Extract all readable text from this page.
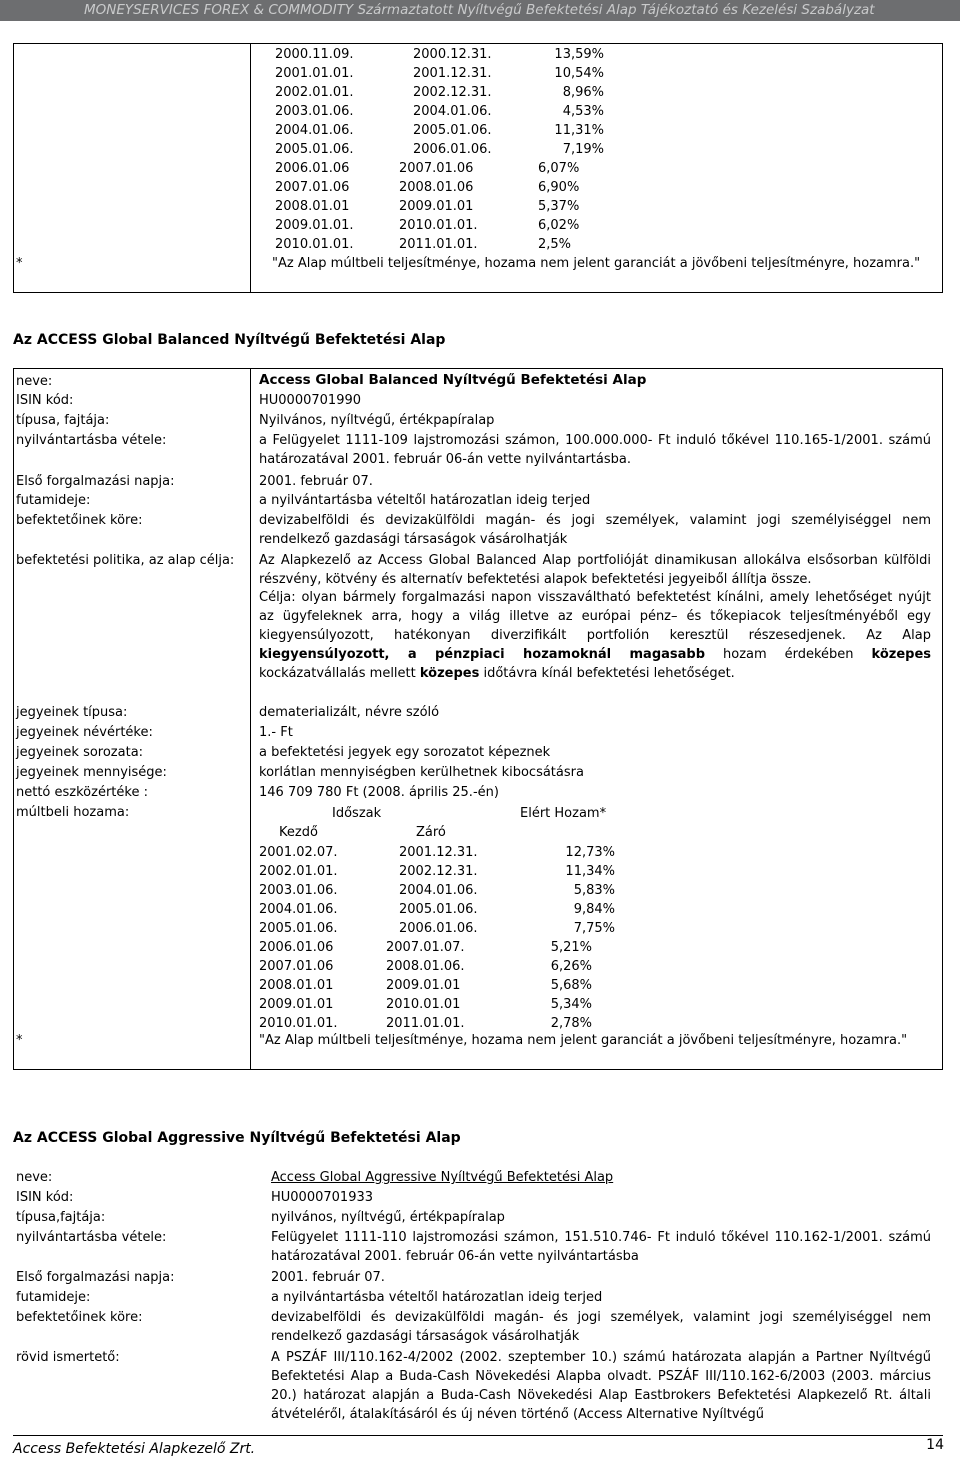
MONEYSERVICES FOREX & COMMODITY Származtatott Nyíltvégű Befektetési Alap Tájékoztató és Kezelési Szabályzat
2000.11.09.	2000.12.31.	13,59%
2001.01.01.	2001.12.31.	10,54%
2002.01.01.	2002.12.31.	8,96%
2003.01.06.	2004.01.06.	4,53%
2004.01.06.	2005.01.06.	11,31%
2005.01.06.	2006.01.06.	7,19%
2006.01.06	2007.01.06	6,07%
2007.01.06	2008.01.06	6,90%
2008.01.01	2009.01.01	5,37%
2009.01.01.	2010.01.01.	6,02%
2010.01.01.	2011.01.01.	2,5%
*	"Az Alap múltbeli teljesítménye, hozama nem jelent garanciát a jövőbeni teljesítményre, hozamra."
Az ACCESS Global Balanced Nyíltvégű Befektetési Alap
neve:	Access Global Balanced Nyíltvégű Befektetési Alap
ISIN kód:	HU0000701990
típusa, fajtája:	Nyilvános, nyíltvégű, értékpapíralap
nyilvántartásba vétele:	a Felügyelet 1111-109 lajstromozási számon, 100.000.000- Ft induló tőkével 110.165-1/2001. számú határozatával 2001. február 06-án vette nyilvántartásba.
Első forgalmazási napja:	2001. február 07.
futamideje:	a nyilvántartásba vételtől határozatlan ideig terjed
befektetőinek köre:	devizabelföldi és devizakülföldi magán- és jogi személyek, valamint jogi személyiséggel nem rendelkező gazdasági társaságok vásárolhatják
befektetési politika, az alap célja: Az Alapkezelő az Access Global Balanced Alap portfolióját dinamikusan allokálva elsősorban külföldi részvény, kötvény és alternatív befektetési alapok befektetési jegyeiből állítja össze.
Célja: olyan bármely forgalmazási napon visszaváltható befektetést kínálni, amely lehetőséget nyújt az ügyfeleknek arra, hogy a világ illetve az európai pénz– és tőkepiacok teljesítményéből egy kiegyensúlyozott, hatékonyan diverzifikált portfolión keresztül részesedjenek. Az Alap kiegyensúlyozott, a pénzpiaci hozamoknál magasabb hozam érdekében közepes kockázatvállalás mellett közepes időtávra kínál befektetési lehetőséget.
jegyeinek típusa:	dematerializált, névre szóló
jegyeinek névértéke:	1.- Ft
jegyeinek sorozata:	a befektetési jegyek egy sorozatot képeznek
jegyeinek mennyisége:	korlátlan mennyiségben kerülhetnek kibocsátásra
nettó eszközértéke :	146 709 780 Ft (2008. április 25.-én)
múltbeli hozama:	Időszak	Elért Hozam*
Kezdő	Záró
2001.02.07.	2001.12.31.	12,73%
2002.01.01.	2002.12.31.	11,34%
2003.01.06.	2004.01.06.	5,83%
2004.01.06.	2005.01.06.	9,84%
2005.01.06.	2006.01.06.	7,75%
2006.01.06	2007.01.07.	5,21%
2007.01.06	2008.01.06.	6,26%
2008.01.01	2009.01.01	5,68%
2009.01.01	2010.01.01	5,34%
2010.01.01.	2011.01.01.	2,78%
*	"Az Alap múltbeli teljesítménye, hozama nem jelent garanciát a jövőbeni teljesítményre, hozamra."
Az ACCESS Global Aggressive Nyíltvégű Befektetési Alap
neve:	Access Global Aggressive Nyíltvégű Befektetési Alap
ISIN kód:	HU0000701933
típusa,fajtája:	nyilvános, nyíltvégű, értékpapíralap
nyilvántartásba vétele:	Felügyelet 1111-110 lajstromozási számon, 151.510.746- Ft induló tőkével 110.162-1/2001. számú határozatával 2001. február 06-án vette nyilvántartásba
Első forgalmazási napja:	2001. február 07.
futamideje:	a nyilvántartásba vételtől határozatlan ideig terjed
befektetőinek köre:	devizabelföldi és devizakülföldi magán- és jogi személyek, valamint jogi személyiséggel nem rendelkező gazdasági társaságok vásárolhatják
rövid ismertető:	A PSZÁF III/110.162-4/2002 (2002. szeptember 10.) számú határozata alapján a Partner Nyíltvégű Befektetési Alap a Buda-Cash Növekedési Alapba olvadt. PSZÁF III/110.162-6/2003 (2003. március 20.) határozat alapján a Buda-Cash Növekedési Alap Eastbrokers Befektetési Alapkezelő Rt. általi átvételéről, átalakításáról és új néven történő (Access Alternative Nyíltvégű
Access Befektetési Alapkezelő Zrt.	14
